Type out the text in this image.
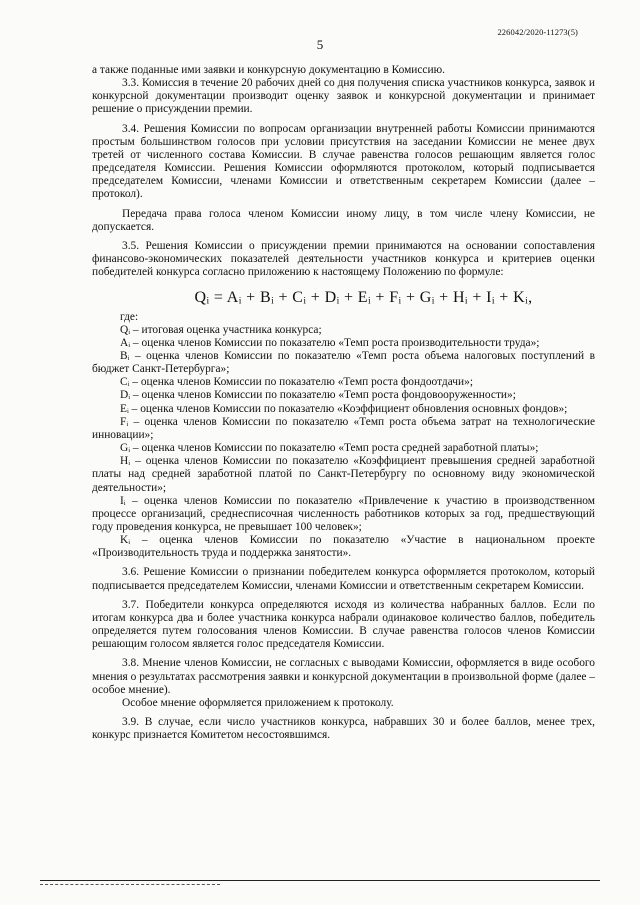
226042/2020-11273(5)
5

а также поданные ими заявки и конкурсную документацию в Комиссию.

3.3. Комиссия в течение 20 рабочих дней со дня получения списка участников конкурса, заявок и конкурсной документации производит оценку заявок и конкурсной документации и принимает решение о присуждении премии.

3.4. Решения Комиссии по вопросам организации внутренней работы Комиссии принимаются простым большинством голосов при условии присутствия на заседании Комиссии не менее двух третей от численного состава Комиссии. В случае равенства голосов решающим является голос председателя Комиссии. Решения Комиссии оформляются протоколом, который подписывается председателем Комиссии, членами Комиссии и ответственным секретарем Комиссии (далее – протокол).

Передача права голоса членом Комиссии иному лицу, в том числе члену Комиссии, не допускается.

3.5. Решения Комиссии о присуждении премии принимаются на основании сопоставления финансово-экономических показателей деятельности участников конкурса и критериев оценки победителей конкурса согласно приложению к настоящему Положению по формуле:

Qᵢ = Aᵢ + Bᵢ + Cᵢ + Dᵢ + Eᵢ + Fᵢ + Gᵢ + Hᵢ + Iᵢ + Kᵢ,

где:

Qᵢ – итоговая оценка участника конкурса;

Aᵢ – оценка членов Комиссии по показателю «Темп роста производительности труда»;

Bᵢ – оценка членов Комиссии по показателю «Темп роста объема налоговых поступлений в бюджет Санкт-Петербурга»;

Cᵢ – оценка членов Комиссии по показателю «Темп роста фондоотдачи»;

Dᵢ – оценка членов Комиссии по показателю «Темп роста фондовооруженности»;

Eᵢ – оценка членов Комиссии по показателю «Коэффициент обновления основных фондов»;

Fᵢ – оценка членов Комиссии по показателю «Темп роста объема затрат на технологические инновации»;

Gᵢ – оценка членов Комиссии по показателю «Темп роста средней заработной платы»;

Hᵢ – оценка членов Комиссии по показателю «Коэффициент превышения средней заработной платы над средней заработной платой по Санкт-Петербургу по основному виду экономической деятельности»;

Iᵢ – оценка членов Комиссии по показателю «Привлечение к участию в производственном процессе организаций, среднесписочная численность работников которых за год, предшествующий году проведения конкурса, не превышает 100 человек»;

Kᵢ – оценка членов Комиссии по показателю «Участие в национальном проекте «Производительность труда и поддержка занятости».

3.6. Решение Комиссии о признании победителем конкурса оформляется протоколом, который подписывается председателем Комиссии, членами Комиссии и ответственным секретарем Комиссии.

3.7. Победители конкурса определяются исходя из количества набранных баллов. Если по итогам конкурса два и более участника конкурса набрали одинаковое количество баллов, победитель определяется путем голосования членов Комиссии. В случае равенства голосов членов Комиссии решающим голосом является голос председателя Комиссии.

3.8. Мнение членов Комиссии, не согласных с выводами Комиссии, оформляется в виде особого мнения о результатах рассмотрения заявки и конкурсной документации в произвольной форме (далее – особое мнение).

Особое мнение оформляется приложением к протоколу.

3.9. В случае, если число участников конкурса, набравших 30 и более баллов, менее трех, конкурс признается Комитетом несостоявшимся.
